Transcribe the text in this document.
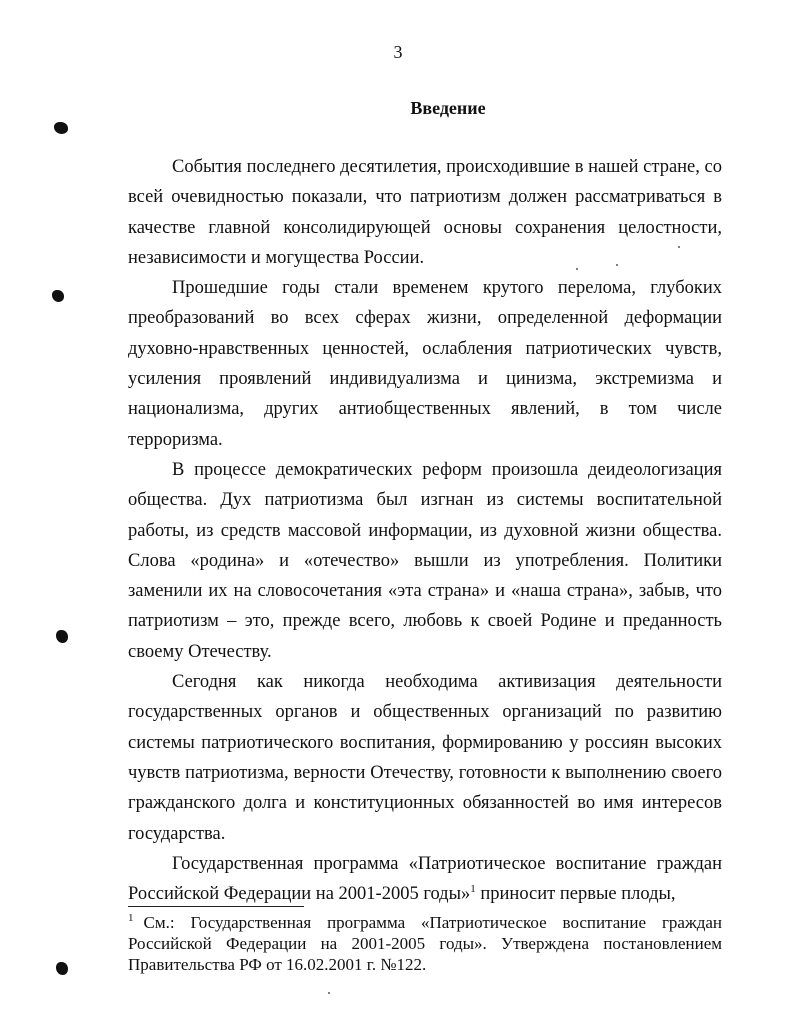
3
Введение

События последнего десятилетия, происходившие в нашей стране, со всей очевидностью показали, что патриотизм должен рассматриваться в качестве главной консолидирующей основы сохранения целостности, независимости и могущества России.

Прошедшие годы стали временем крутого перелома, глубоких преобразований во всех сферах жизни, определенной деформации духовно-нравственных ценностей, ослабления патриотических чувств, усиления проявлений индивидуализма и цинизма, экстремизма и национализма, других антиобщественных явлений, в том числе терроризма.

В процессе демократических реформ произошла деидеологизация общества. Дух патриотизма был изгнан из системы воспитательной работы, из средств массовой информации, из духовной жизни общества. Слова «родина» и «отечество» вышли из употребления. Политики заменили их на словосочетания «эта страна» и «наша страна», забыв, что патриотизм – это, прежде всего, любовь к своей Родине и преданность своему Отечеству.

Сегодня как никогда необходима активизация деятельности государственных органов и общественных организаций по развитию системы патриотического воспитания, формированию у россиян высоких чувств патриотизма, верности Отечеству, готовности к выполнению своего гражданского долга и конституционных обязанностей во имя интересов государства.

Государственная программа «Патриотическое воспитание граждан Российской Федерации на 2001-2005 годы»$^1$ приносит первые плоды,

$^1$ См.: Государственная программа «Патриотическое воспитание граждан Российской Федерации на 2001-2005 годы». Утверждена постановлением Правительства РФ от 16.02.2001 г. №122.
